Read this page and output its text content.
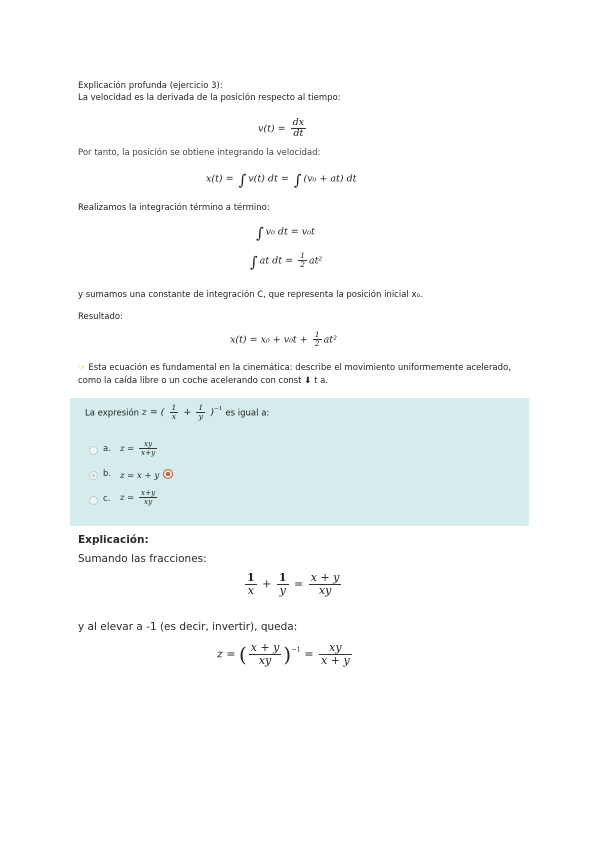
Explicación profunda (ejercicio 3):
La velocidad es la derivada de la posición respecto al tiempo:
$v(t) = \frac{dx}{dt}$
Por tanto, la posición se obtiene integrando la velocidad:
x(t) = ∫ v(t) dt = ∫ (v₀ + at) dt
Realizamos la integración término a término:
∫ v₀ dt = v₀t
∫ at dt = $\frac{1}{2} at^2$
y sumamos una constante de integración C, que representa la posición inicial x₀.
Resultado:
$x(t) = x_0 + v_0t + \frac{1}{2} at^2$
☞ Esta ecuación es fundamental en la cinemática: describe el movimiento uniformemente acelerado,
como la caída libre o un coche acelerando con const ⬇ t a.
La expresión z = ( $\frac{1}{x} + \frac{1}{y} )^{-1}$ es igual a:
a. $z = \frac{xy}{x+y}$
b. z = x + y
c. $z = \frac{x+y}{xy}$
Explicación:
Sumando las fracciones:
$\frac{1}{x} + \frac{1}{y} = \frac{x + y}{xy}$
y al elevar a -1 (es decir, invertir), queda:
z = ( $\frac{x + y}{xy} )^{-1} = \frac{xy}{x + y}$
